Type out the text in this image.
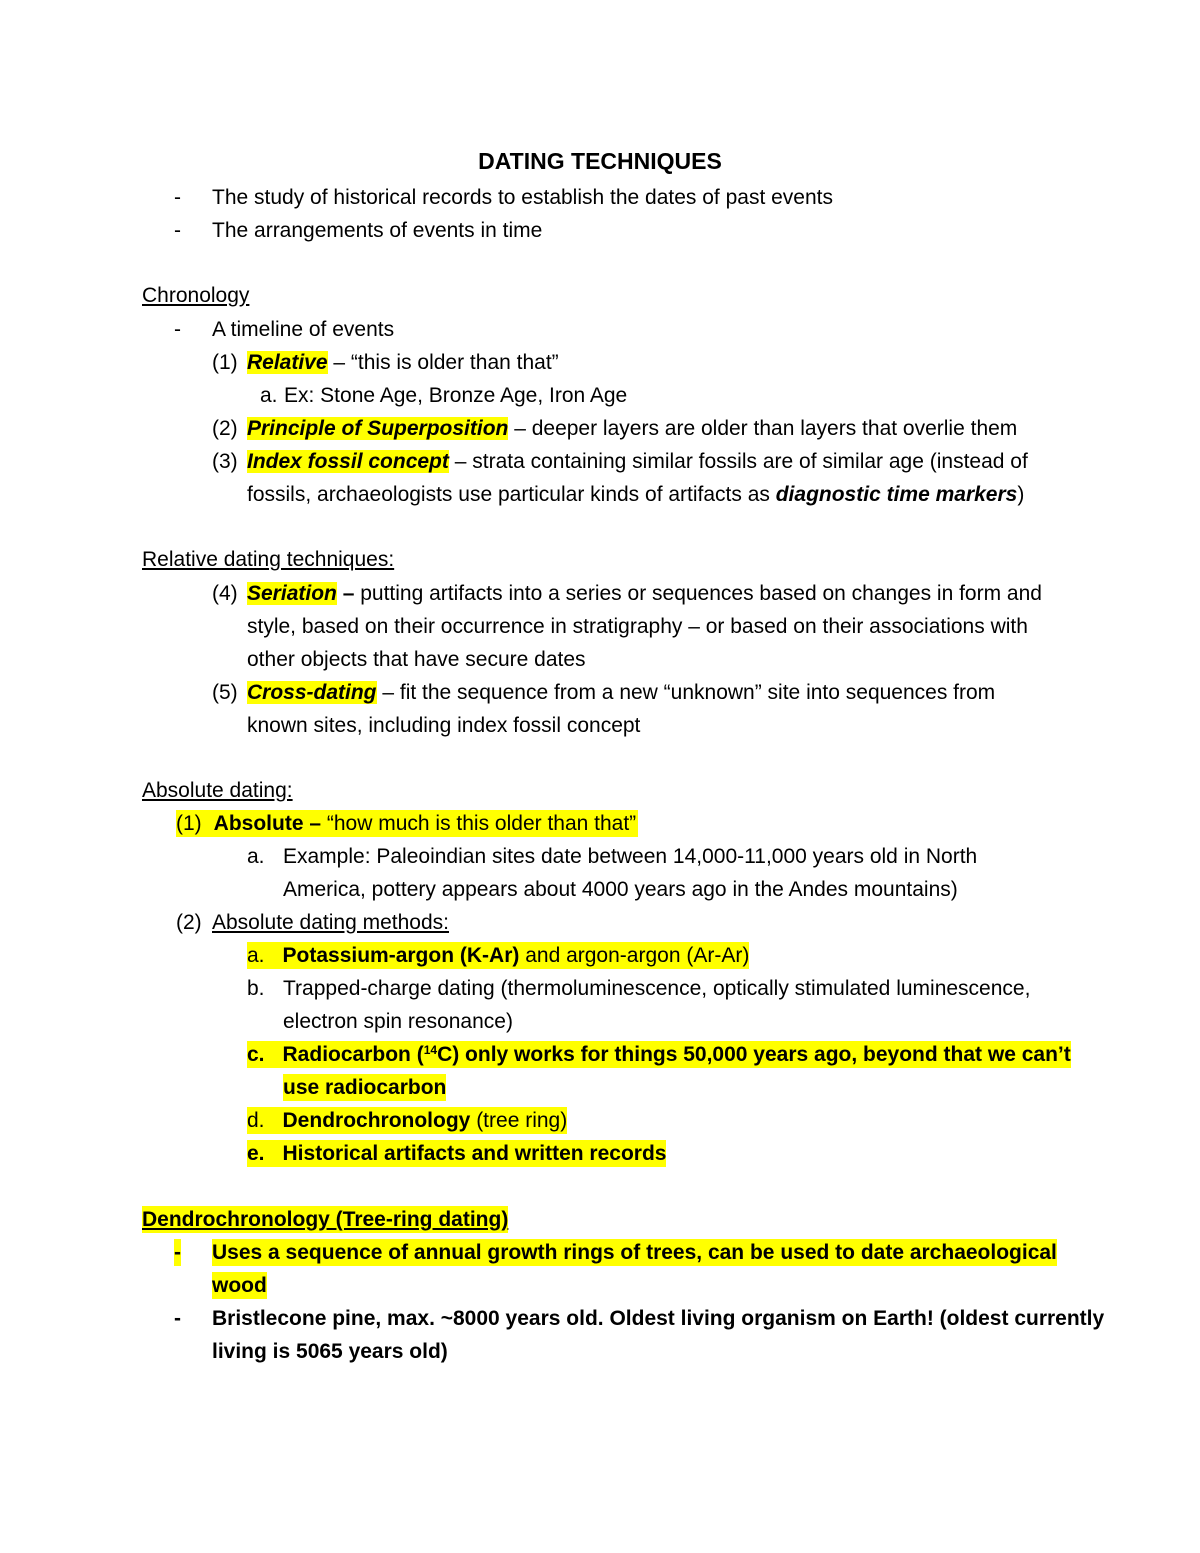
DATING TECHNIQUES
- The study of historical records to establish the dates of past events
- The arrangements of events in time
Chronology
- A timeline of events
(1) Relative – “this is older than that”
a. Ex: Stone Age, Bronze Age, Iron Age
(2) Principle of Superposition – deeper layers are older than layers that overlie them
(3) Index fossil concept – strata containing similar fossils are of similar age (instead of
fossils, archaeologists use particular kinds of artifacts as diagnostic time markers)
Relative dating techniques:
(4) Seriation – putting artifacts into a series or sequences based on changes in form and
style, based on their occurrence in stratigraphy – or based on their associations with
other objects that have secure dates
(5) Cross-dating – fit the sequence from a new “unknown” site into sequences from
known sites, including index fossil concept
Absolute dating:
(1) Absolute – “how much is this older than that”
a. Example: Paleoindian sites date between 14,000-11,000 years old in North
America, pottery appears about 4000 years ago in the Andes mountains)
(2) Absolute dating methods:
a. Potassium-argon (K-Ar) and argon-argon (Ar-Ar)
b. Trapped-charge dating (thermoluminescence, optically stimulated luminescence,
electron spin resonance)
c. Radiocarbon ($^{14}$C) only works for things 50,000 years ago, beyond that we can’t
use radiocarbon
d. Dendrochronology (tree ring)
e. Historical artifacts and written records
Dendrochronology (Tree-ring dating)
- Uses a sequence of annual growth rings of trees, can be used to date archaeological
wood
- Bristlecone pine, max. ~8000 years old. Oldest living organism on Earth! (oldest currently
living is 5065 years old)
